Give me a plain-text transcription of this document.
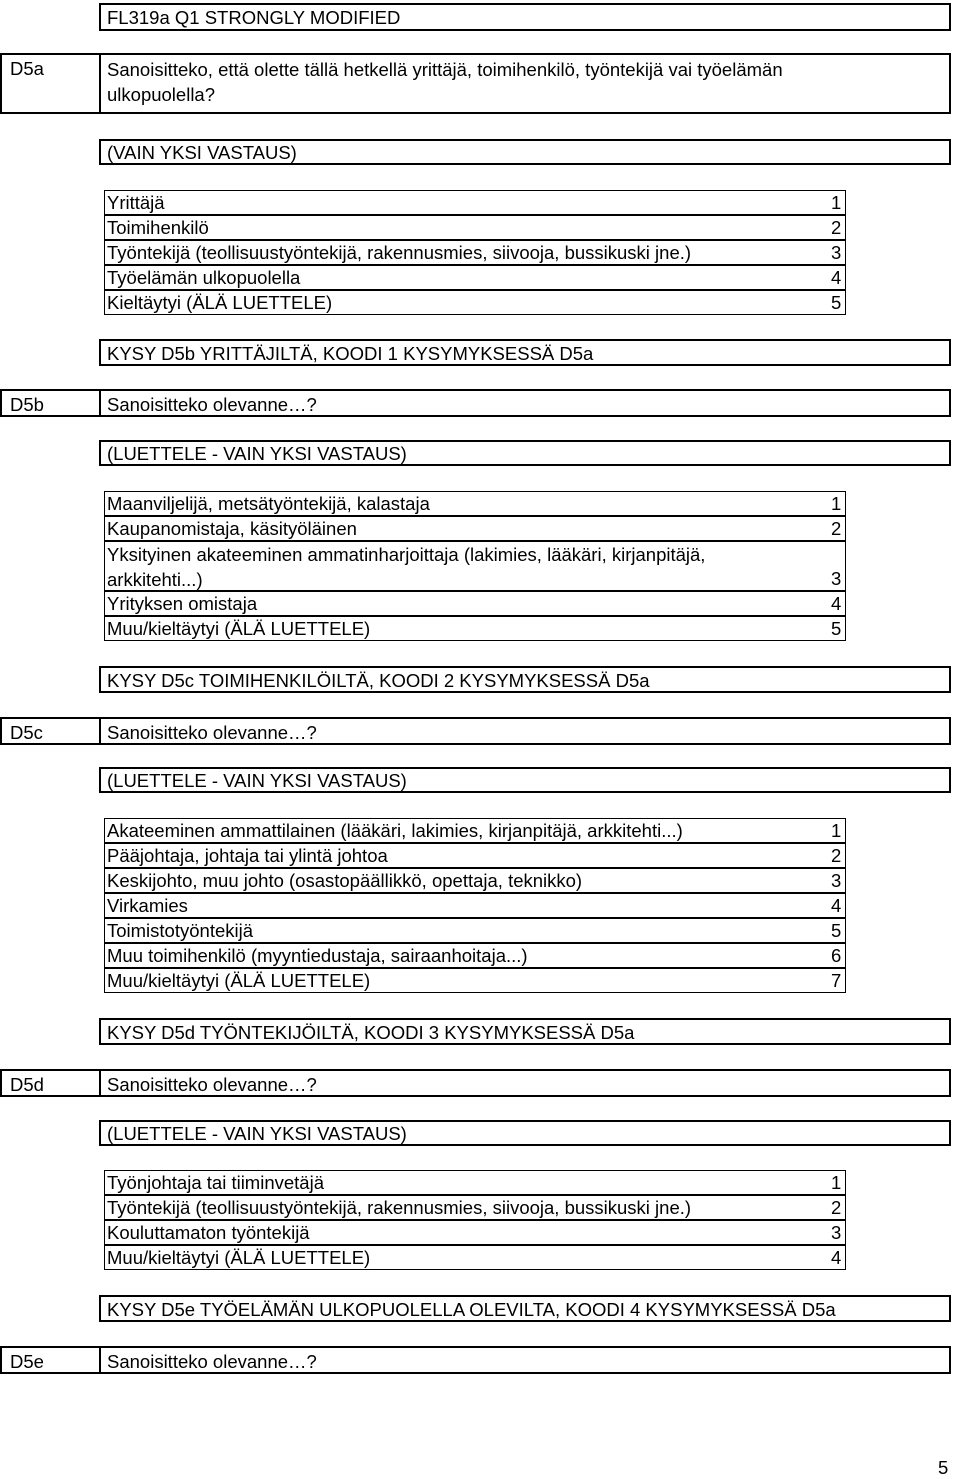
FL319a Q1 STRONGLY MODIFIED
D5a	Sanoisitteko, että olette tällä hetkellä yrittäjä, toimihenkilö, työntekijä vai työelämän ulkopuolella?
(VAIN YKSI VASTAUS)
Yrittäjä	1
Toimihenkilö	2
Työntekijä (teollisuustyöntekijä, rakennusmies, siivooja, bussikuski jne.)	3
Työelämän ulkopuolella	4
Kieltäytyi (ÄLÄ LUETTELE)	5
KYSY D5b YRITTÄJILTÄ, KOODI 1 KYSYMYKSESSÄ D5a
D5b	Sanoisitteko olevanne…?
(LUETTELE - VAIN YKSI VASTAUS)
Maanviljelijä, metsätyöntekijä, kalastaja	1
Kaupanomistaja, käsityöläinen	2
Yksityinen akateeminen ammatinharjoittaja (lakimies, lääkäri, kirjanpitäjä, arkkitehti...)	3
Yrityksen omistaja	4
Muu/kieltäytyi (ÄLÄ LUETTELE)	5
KYSY D5c TOIMIHENKILÖILTÄ, KOODI 2 KYSYMYKSESSÄ D5a
D5c	Sanoisitteko olevanne…?
(LUETTELE - VAIN YKSI VASTAUS)
Akateeminen ammattilainen (lääkäri, lakimies, kirjanpitäjä, arkkitehti...)	1
Pääjohtaja, johtaja tai ylintä johtoa	2
Keskijohto, muu johto (osastopäällikkö, opettaja, teknikko)	3
Virkamies	4
Toimistotyöntekijä	5
Muu toimihenkilö (myyntiedustaja, sairaanhoitaja...)	6
Muu/kieltäytyi (ÄLÄ LUETTELE)	7
KYSY D5d TYÖNTEKIJÖILTÄ, KOODI 3 KYSYMYKSESSÄ D5a
D5d	Sanoisitteko olevanne…?
(LUETTELE - VAIN YKSI VASTAUS)
Työnjohtaja tai tiiminvetäjä	1
Työntekijä (teollisuustyöntekijä, rakennusmies, siivooja, bussikuski jne.)	2
Kouluttamaton työntekijä	3
Muu/kieltäytyi (ÄLÄ LUETTELE)	4
KYSY D5e TYÖELÄMÄN ULKOPUOLELLA OLEVILTA, KOODI 4 KYSYMYKSESSÄ D5a
D5e	Sanoisitteko olevanne…?
5
